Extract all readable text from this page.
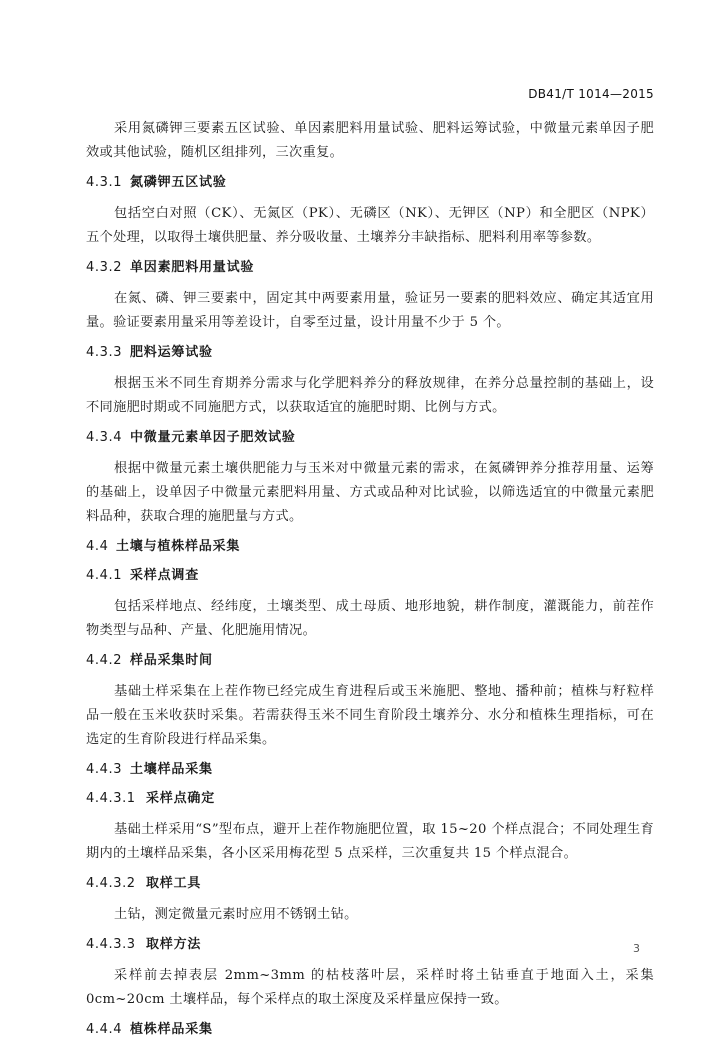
DB41/T 1014—2015

采用氮磷钾三要素五区试验、单因素肥料用量试验、肥料运筹试验，中微量元素单因子肥效或其他试验，随机区组排列，三次重复。

4.3.1 氮磷钾五区试验

包括空白对照（CK）、无氮区（PK）、无磷区（NK）、无钾区（NP）和全肥区（NPK）五个处理，以取得土壤供肥量、养分吸收量、土壤养分丰缺指标、肥料利用率等参数。

4.3.2 单因素肥料用量试验

在氮、磷、钾三要素中，固定其中两要素用量，验证另一要素的肥料效应、确定其适宜用量。验证要素用量采用等差设计，自零至过量，设计用量不少于 5 个。

4.3.3 肥料运筹试验

根据玉米不同生育期养分需求与化学肥料养分的释放规律，在养分总量控制的基础上，设不同施肥时期或不同施肥方式，以获取适宜的施肥时期、比例与方式。

4.3.4 中微量元素单因子肥效试验

根据中微量元素土壤供肥能力与玉米对中微量元素的需求，在氮磷钾养分推荐用量、运筹的基础上，设单因子中微量元素肥料用量、方式或品种对比试验，以筛选适宜的中微量元素肥料品种，获取合理的施肥量与方式。

4.4 土壤与植株样品采集
4.4.1 采样点调查

包括采样地点、经纬度，土壤类型、成土母质、地形地貌，耕作制度，灌溉能力，前茬作物类型与品种、产量、化肥施用情况。

4.4.2 样品采集时间

基础土样采集在上茬作物已经完成生育进程后或玉米施肥、整地、播种前；植株与籽粒样品一般在玉米收获时采集。若需获得玉米不同生育阶段土壤养分、水分和植株生理指标，可在选定的生育阶段进行样品采集。

4.4.3 土壤样品采集
4.4.3.1 采样点确定

基础土样采用“S”型布点，避开上茬作物施肥位置，取 15~20 个样点混合；不同处理生育期内的土壤样品采集，各小区采用梅花型 5 点采样，三次重复共 15 个样点混合。

4.4.3.2 取样工具

土钻，测定微量元素时应用不锈钢土钻。

4.4.3.3 取样方法

采样前去掉表层 2mm~3mm 的枯枝落叶层，采样时将土钻垂直于地面入土，采集 0cm~20cm 土壤样品，每个采样点的取土深度及采样量应保持一致。

4.4.4 植株样品采集
3
